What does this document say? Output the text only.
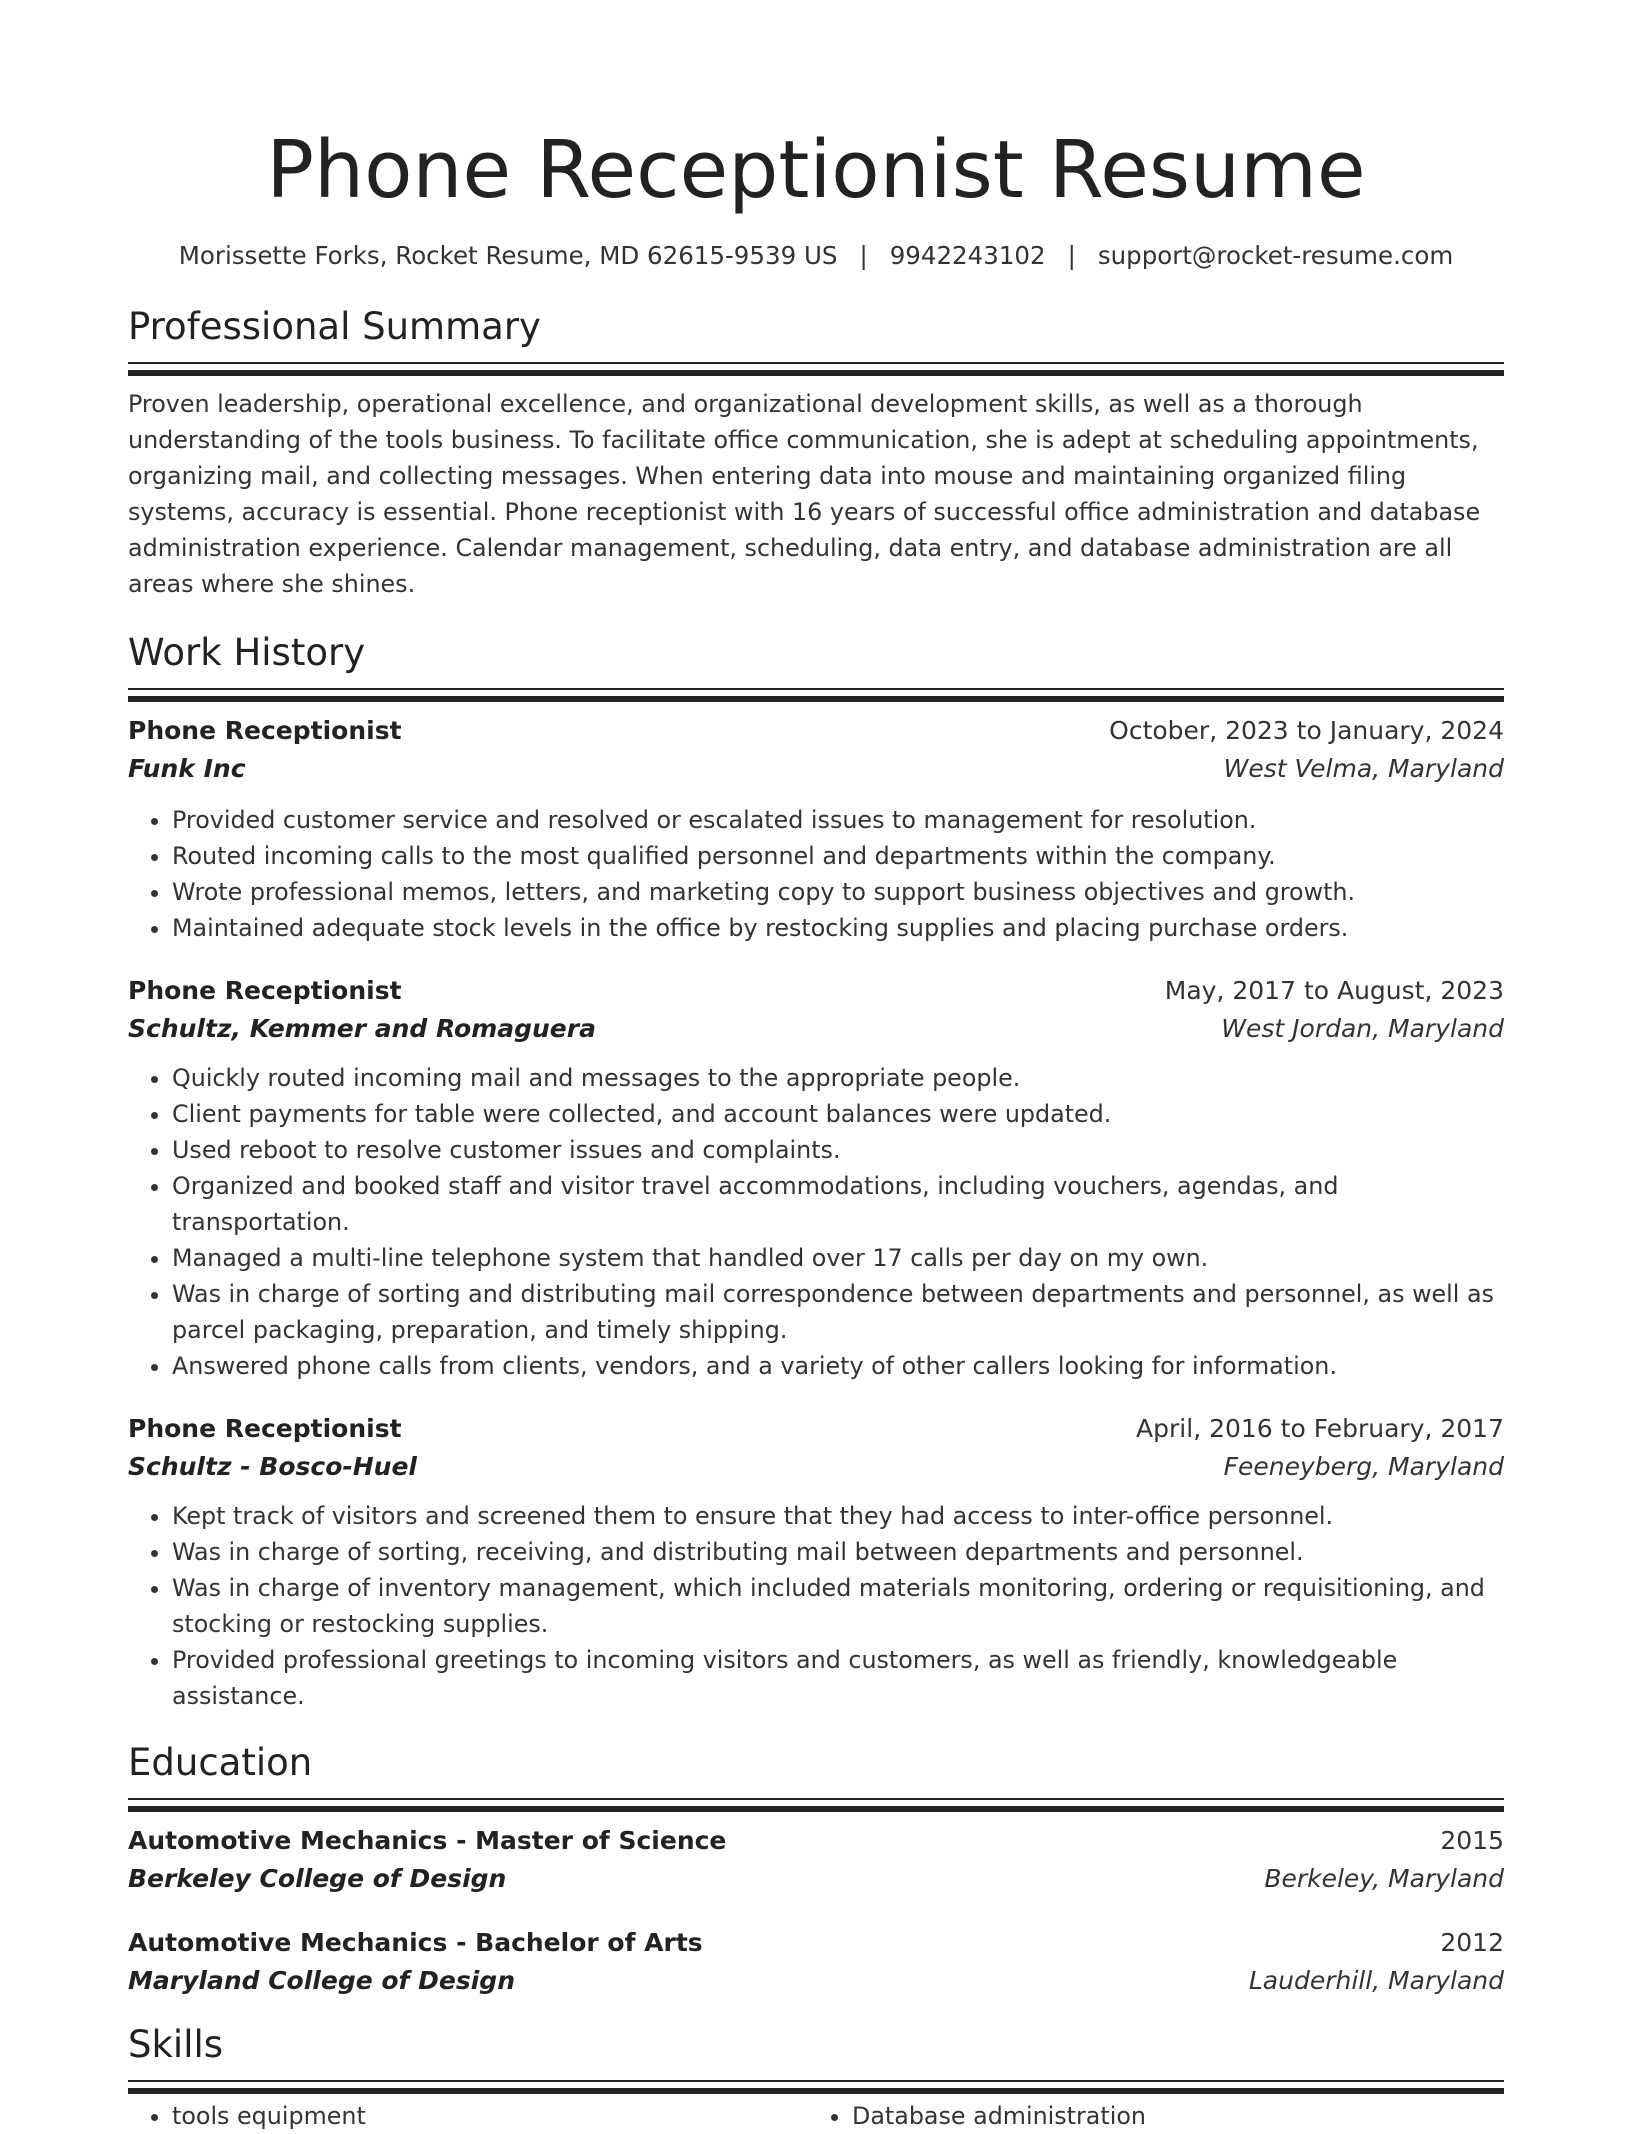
Phone Receptionist Resume
Morissette Forks, Rocket Resume, MD 62615-9539 US | 9942243102 | support@rocket-resume.com
Professional Summary
Proven leadership, operational excellence, and organizational development skills, as well as a thorough understanding of the tools business. To facilitate office communication, she is adept at scheduling appointments, organizing mail, and collecting messages. When entering data into mouse and maintaining organized filing systems, accuracy is essential. Phone receptionist with 16 years of successful office administration and database administration experience. Calendar management, scheduling, data entry, and database administration are all areas where she shines.
Work History
Phone Receptionist	October, 2023 to January, 2024
Funk Inc	West Velma, Maryland
• Provided customer service and resolved or escalated issues to management for resolution.
• Routed incoming calls to the most qualified personnel and departments within the company.
• Wrote professional memos, letters, and marketing copy to support business objectives and growth.
• Maintained adequate stock levels in the office by restocking supplies and placing purchase orders.
Phone Receptionist	May, 2017 to August, 2023
Schultz, Kemmer and Romaguera	West Jordan, Maryland
• Quickly routed incoming mail and messages to the appropriate people.
• Client payments for table were collected, and account balances were updated.
• Used reboot to resolve customer issues and complaints.
• Organized and booked staff and visitor travel accommodations, including vouchers, agendas, and transportation.
• Managed a multi-line telephone system that handled over 17 calls per day on my own.
• Was in charge of sorting and distributing mail correspondence between departments and personnel, as well as parcel packaging, preparation, and timely shipping.
• Answered phone calls from clients, vendors, and a variety of other callers looking for information.
Phone Receptionist	April, 2016 to February, 2017
Schultz - Bosco-Huel	Feeneyberg, Maryland
• Kept track of visitors and screened them to ensure that they had access to inter-office personnel.
• Was in charge of sorting, receiving, and distributing mail between departments and personnel.
• Was in charge of inventory management, which included materials monitoring, ordering or requisitioning, and stocking or restocking supplies.
• Provided professional greetings to incoming visitors and customers, as well as friendly, knowledgeable assistance.
Education
Automotive Mechanics - Master of Science	2015
Berkeley College of Design	Berkeley, Maryland
Automotive Mechanics - Bachelor of Arts	2012
Maryland College of Design	Lauderhill, Maryland
Skills
• tools equipment
•	Database administration
